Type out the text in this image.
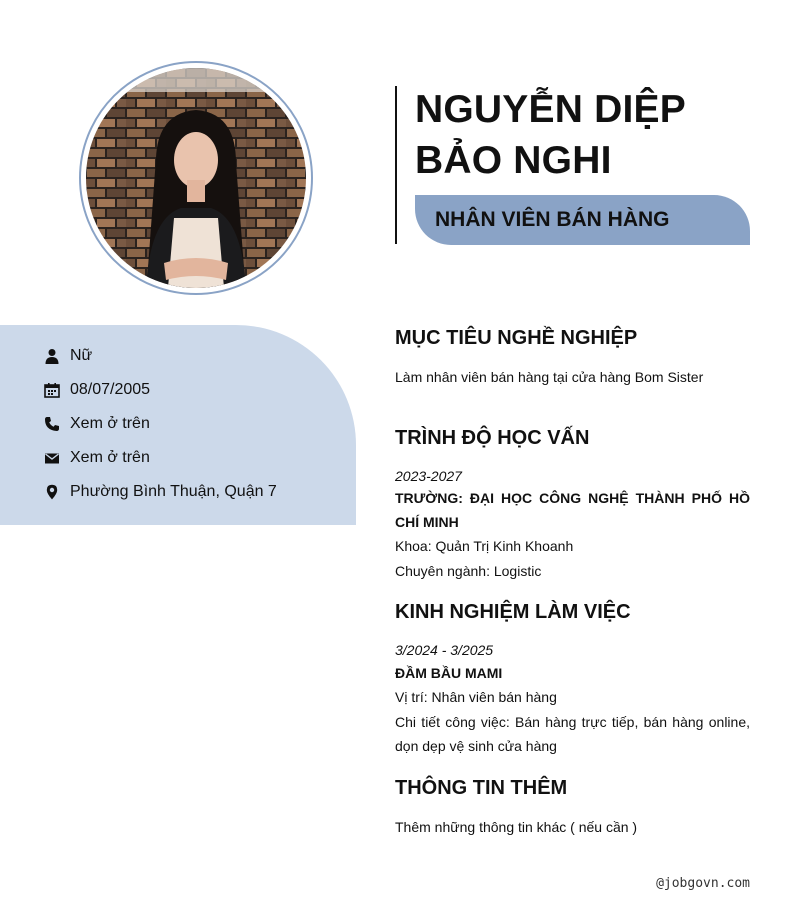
NGUYỄN DIỆP
BẢO NGHI
NHÂN VIÊN BÁN HÀNG
Nữ
08/07/2005
Xem ở trên
Xem ở trên
Phường Bình Thuận, Quận 7
MỤC TIÊU NGHỀ NGHIỆP
Làm nhân viên bán hàng tại cửa hàng Bom Sister
TRÌNH ĐỘ HỌC VẤN
2023-2027
TRƯỜNG: ĐẠI HỌC CÔNG NGHỆ THÀNH PHỐ HỒ CHÍ MINH
Khoa: Quản Trị Kinh Khoanh
Chuyên ngành: Logistic
KINH NGHIỆM LÀM VIỆC
3/2024 - 3/2025
ĐẦM BẦU MAMI
Vị trí: Nhân viên bán hàng
Chi tiết công việc: Bán hàng trực tiếp, bán hàng online, dọn dẹp vệ sinh cửa hàng
THÔNG TIN THÊM
Thêm những thông tin khác ( nếu cần )
@jobgovn.com
